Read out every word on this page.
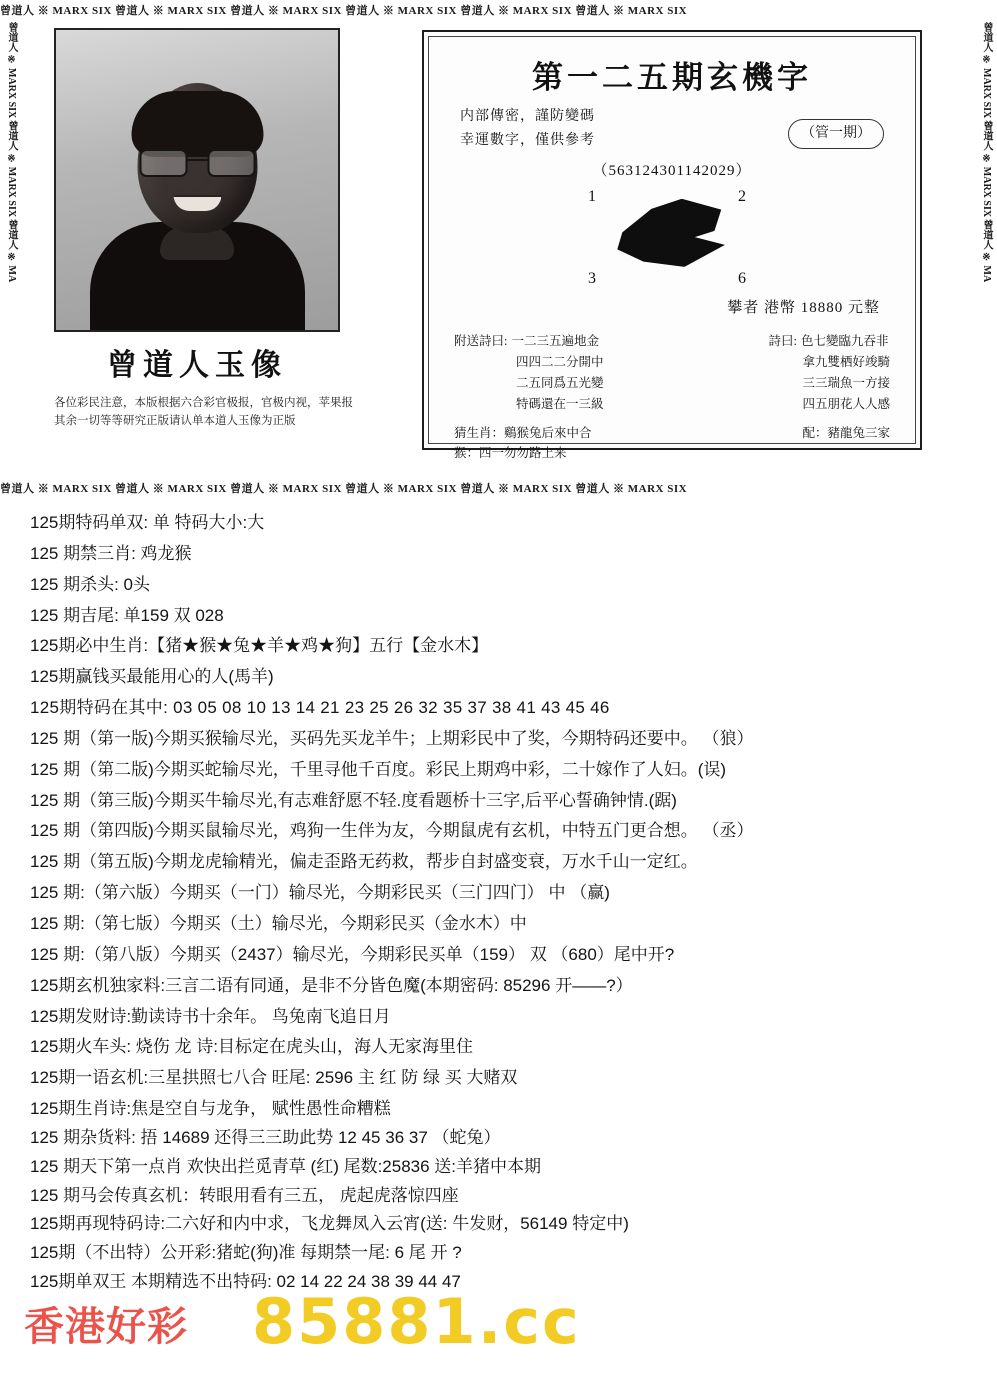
曾道人 ※ MARX SIX 曾道人 ※ MARX SIX 曾道人 ※ MARX SIX 曾道人 ※ MARX SIX 曾道人 ※ MARX SIX 曾道人 ※ MARX SIX
曾道人 ※ MARX SIX 曾道人 ※ MARX SIX 曾道人 ※ MARX SIX 曾道人 ※ MARX SIX 曾道人 ※ MARX SIX 曾道人 ※ MARX SIX
曾道人 ※ MARX SIX 曾道人 ※ MARX SIX 曾道人 ※ MA	曾道人 ※ MARX SIX 曾道人 ※ MARX SIX 曾道人 ※ MA
曾道人玉像
各位彩民注意，本版根据六合彩官极报，官极内视，苹果报
其余一切等等研究正版请认单本道人玉像为正版
第一二五期玄機字
内部傳密，謹防變碼
幸運數字，僅供參考	（管一期）
（563124301142029）
1	2
3	6
攀者 港幣 18880 元整
附送詩曰: 一二三五遍地金
四四二二分開中
二五同爲五光變
特碼還在一三級
詩曰: 色七變臨九吞非
拿九雙栖好竣騎
三三瑞魚一方接
四五朋花人人感
猜生肖：鷄猴兔后來中合
猴：四一勿勿路上来
配：豬龍兔三家
125期特码单双: 单 特码大小:大
125 期禁三肖: 鸡龙猴
125 期杀头: 0头
125 期吉尾: 单159 双 028
125期必中生肖:【猪★猴★兔★羊★鸡★狗】五行【金水木】
125期赢钱买最能用心的人(馬羊)
125期特码在其中: 03 05 08 10 13 14 21 23 25 26 32 35 37 38 41 43 45 46
125 期（第一版)今期买猴输尽光，买码先买龙羊牛；上期彩民中了奖，今期特码还要中。 （狼）
125 期（第二版)今期买蛇输尽光，千里寻他千百度。彩民上期鸡中彩，二十嫁作了人妇。(误)
125 期（第三版)今期买牛输尽光,有志难舒愿不轻.度看题桥十三字,后平心誓确钟情.(踞)
125 期（第四版)今期买鼠输尽光，鸡狗一生伴为友，今期鼠虎有玄机，中特五门更合想。 （丞）
125 期（第五版)今期龙虎输精光，偏走歪路无药救，帮步自封盛变衰，万水千山一定红。
125 期:（第六版）今期买（一门）输尽光，今期彩民买（三门四门） 中 （赢)
125 期:（第七版）今期买（土）输尽光，今期彩民买（金水木）中
125 期:（第八版）今期买（2437）输尽光，今期彩民买单（159） 双 （680）尾中开?
125期玄机独家料:三言二语有同通，是非不分皆色魔(本期密码: 85296 开——?）
125期发财诗:勤读诗书十余年。 鸟兔南飞追日月
125期火车头: 烧伤 龙 诗:目标定在虎头山，海人无家海里住
125期一语玄机:三星拱照七八合 旺尾: 2596 主 红 防 绿 买 大赌双
125期生肖诗:焦是空自与龙争， 赋性愚性命糟糕
125 期杂货料: 捂 14689 还得三三助此势 12 45 36 37 （蛇兔）
125 期天下第一点肖 欢快出拦觅青草 (红) 尾数:25836 送:羊猪中本期
125 期马会传真玄机：转眼用看有三五， 虎起虎落惊四座
125期再现特码诗:二六好和内中求，飞龙舞凤入云宵(送: 牛发财，56149 特定中)
125期（不出特）公开彩:猪蛇(狗)准 每期禁一尾: 6 尾 开 ?
125期单双王 本期精选不出特码: 02 14 22 24 38 39 44 47
香港好彩 85881.cc
